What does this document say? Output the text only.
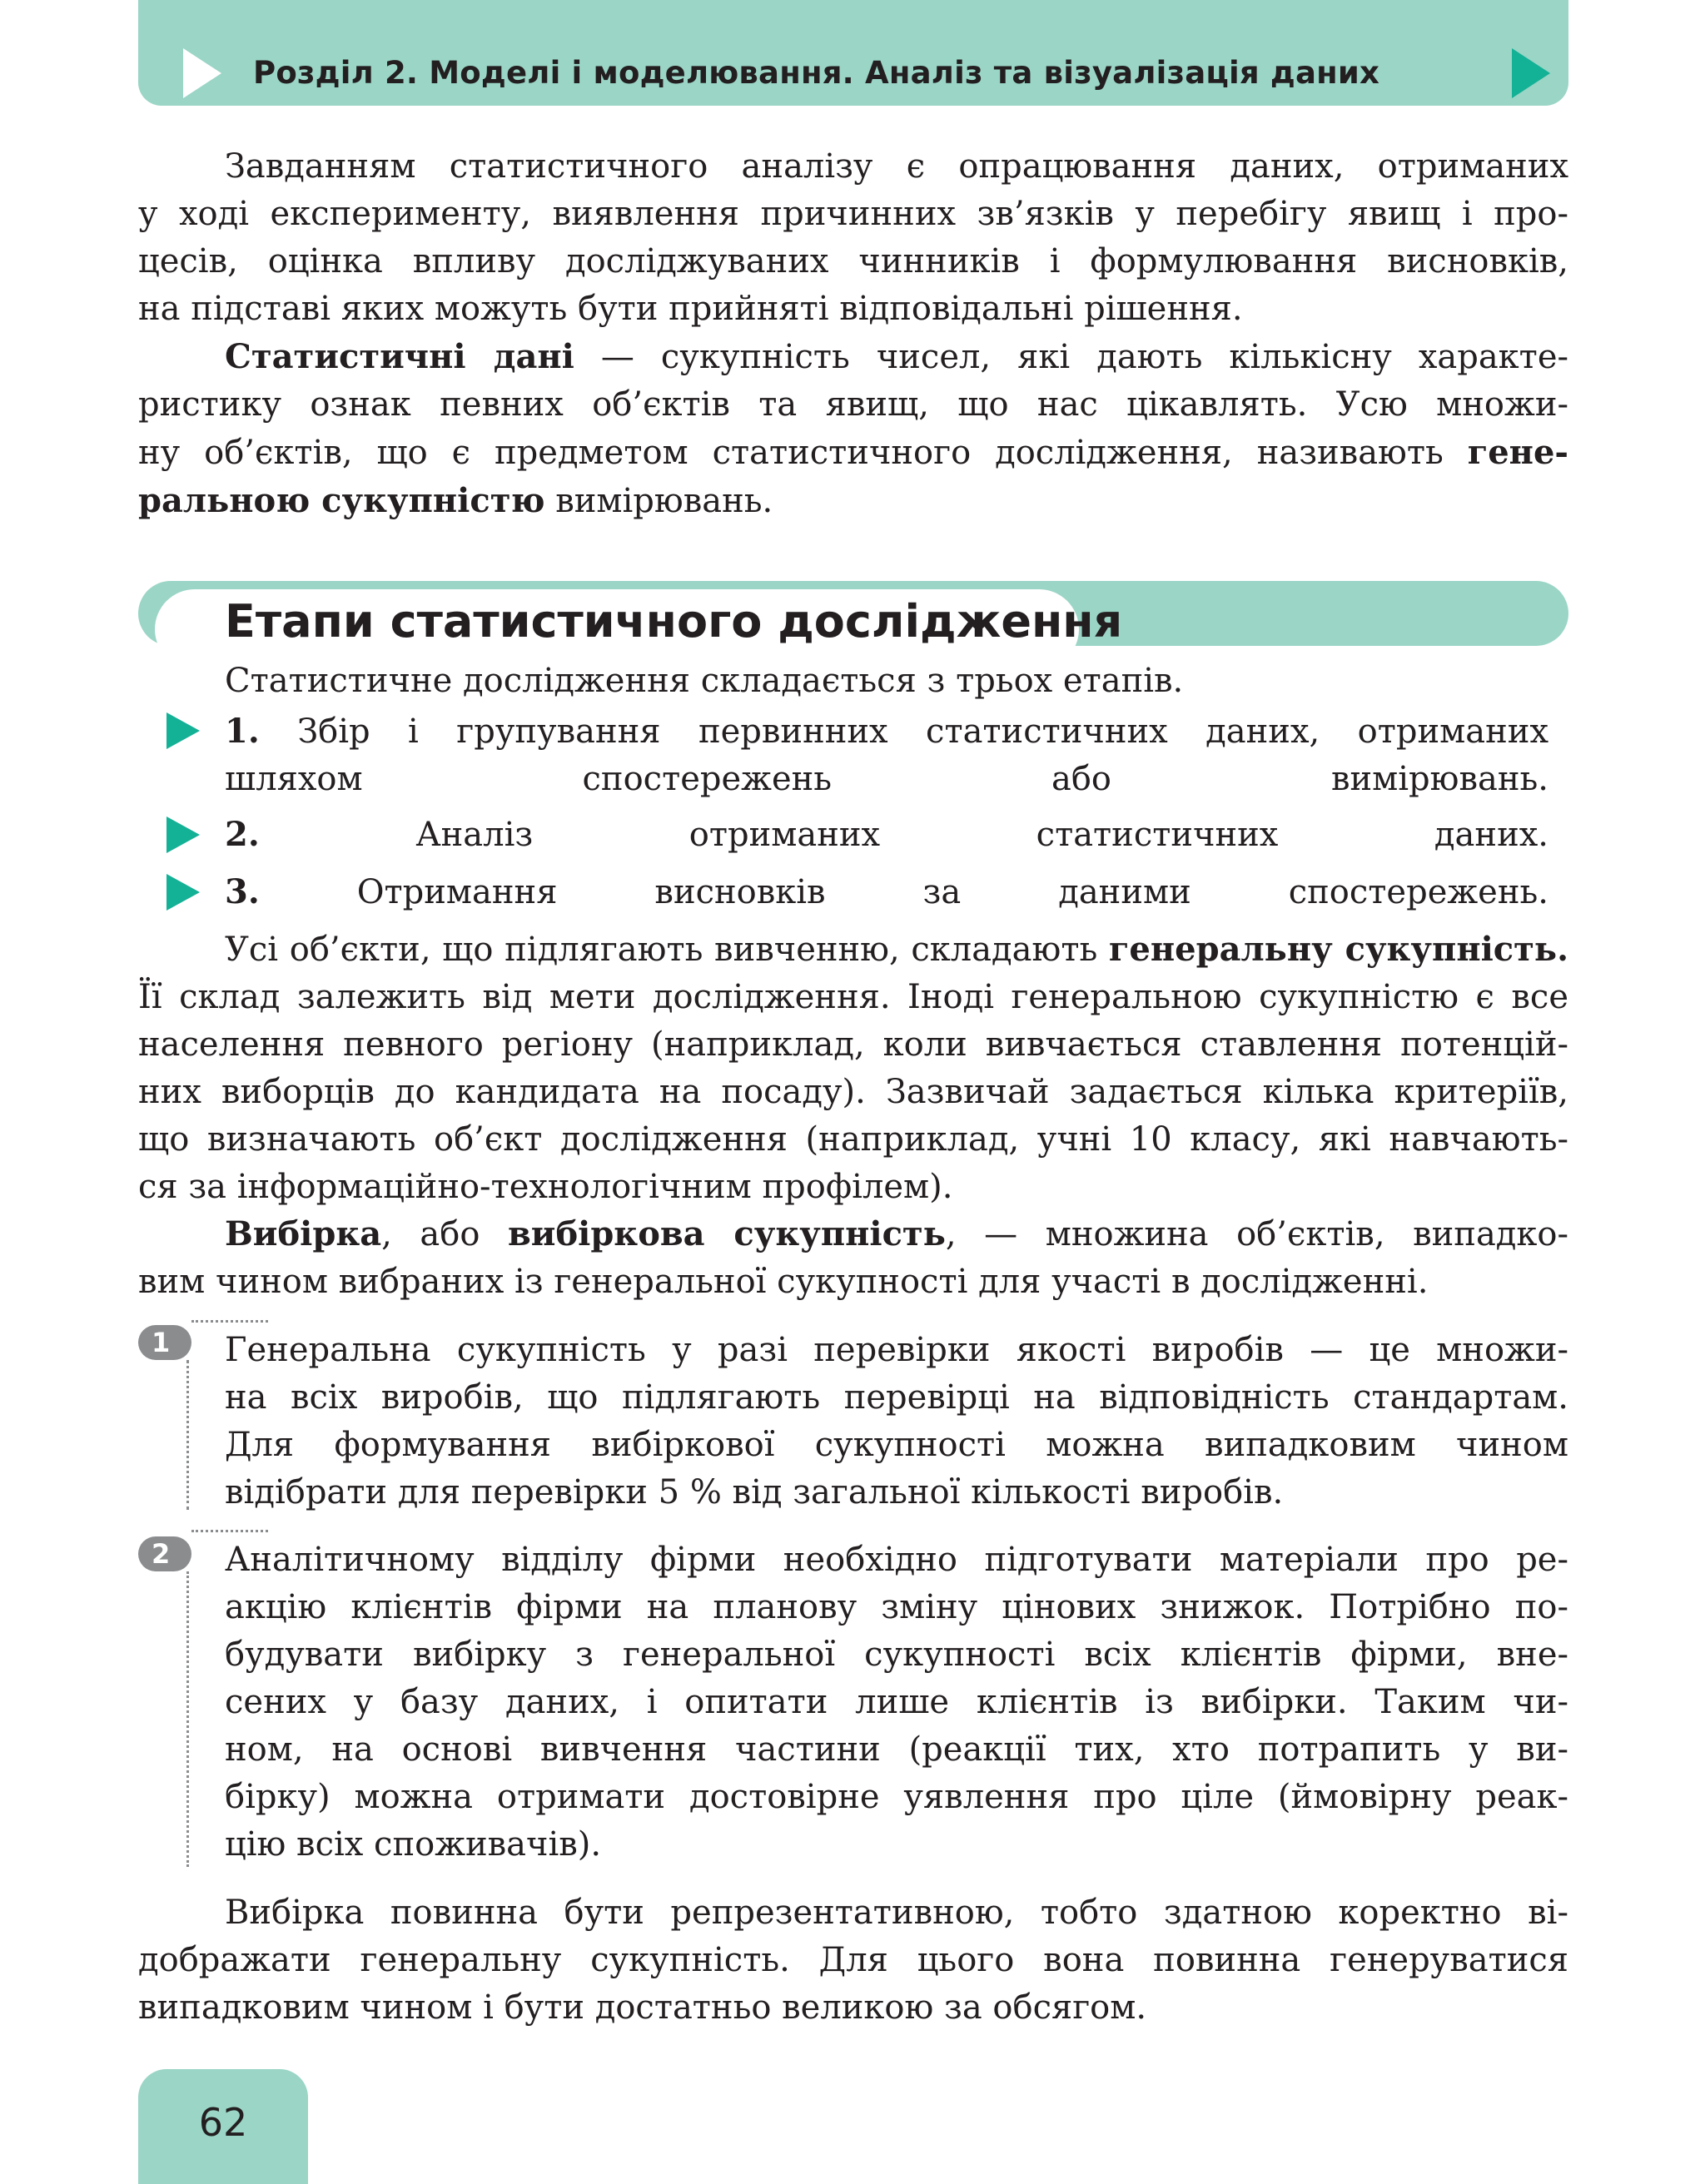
Розділ 2. Моделі і моделювання. Аналіз та візуалізація даних
Завданням статистичного аналізу є опрацювання даних, отриманих
у ході експерименту, виявлення причинних зв’язків у перебігу явищ і про-
цесів, оцінка впливу досліджуваних чинників і формулювання висновків,
на підставі яких можуть бути прийняті відповідальні рішення.
Статистичні дані — сукупність чисел, які дають кількісну характе-
ристику ознак певних об’єктів та явищ, що нас цікавлять. Усю множи-
ну об’єктів, що є предметом статистичного дослідження, називають гене-
ральною сукупністю вимірювань.
Етапи статистичного дослідження
Статистичне дослідження складається з трьох етапів.
1. Збір і групування первинних статистичних даних, отриманих
шляхом спостережень або вимірювань.
2. Аналіз отриманих статистичних даних.
3. Отримання висновків за даними спостережень.
Усі об’єкти, що підлягають вивченню, складають генеральну сукупність.
Її склад залежить від мети дослідження. Іноді генеральною сукупністю є все
населення певного регіону (наприклад, коли вивчається ставлення потенцій-
них виборців до кандидата на посаду). Зазвичай задається кілька критеріїв,
що визначають об’єкт дослідження (наприклад, учні 10 класу, які навчають-
ся за інформаційно-технологічним профілем).
Вибірка, або вибіркова сукупність, — множина об’єктів, випадко-
вим чином вибраних із генеральної сукупності для участі в дослідженні.
1	Генеральна сукупність у разі перевірки якості виробів — це множи-
на всіх виробів, що підлягають перевірці на відповідність стандартам.
Для формування вибіркової сукупності можна випадковим чином
відібрати для перевірки 5 % від загальної кількості виробів.
2	Аналітичному відділу фірми необхідно підготувати матеріали про ре-
акцію клієнтів фірми на планову зміну цінових знижок. Потрібно по-
будувати вибірку з генеральної сукупності всіх клієнтів фірми, вне-
сених у базу даних, і опитати лише клієнтів із вибірки. Таким чи-
ном, на основі вивчення частини (реакції тих, хто потрапить у ви-
бірку) можна отримати достовірне уявлення про ціле (ймовірну реак-
цію всіх споживачів).
Вибірка повинна бути репрезентативною, тобто здатною коректно ві-
дображати генеральну сукупність. Для цього вона повинна генеруватися
випадковим чином і бути достатньо великою за обсягом.
62
